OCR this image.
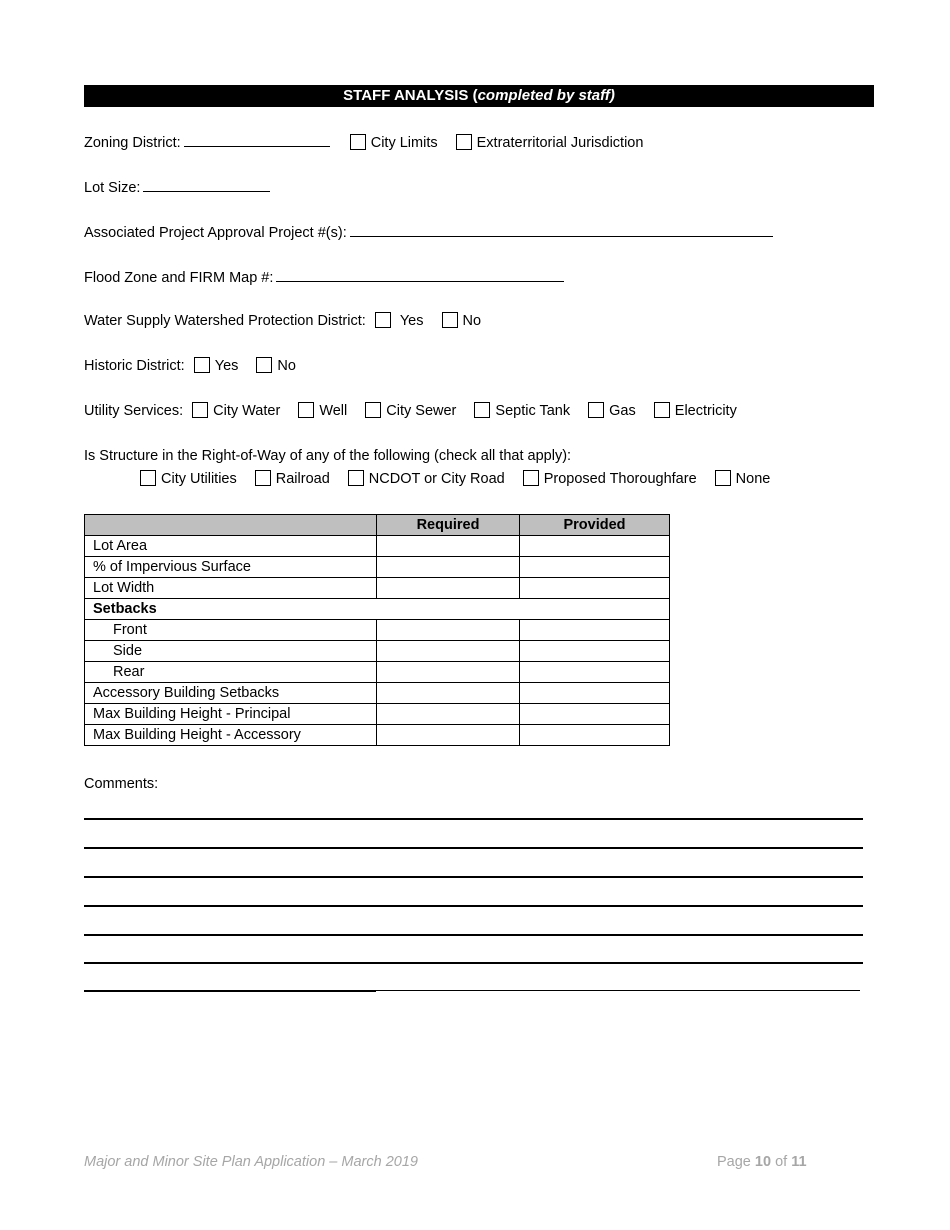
STAFF ANALYSIS (completed by staff)
Zoning District:	City Limits	Extraterritorial Jurisdiction
Lot Size:
Associated Project Approval Project #(s):
Flood Zone and FIRM Map #:
Water Supply Watershed Protection District: Yes	No
Historic District: Yes	No
Utility Services: City Water	Well	City Sewer	Septic Tank	Gas	Electricity
Is Structure in the Right-of-Way of any of the following (check all that apply):
City Utilities	Railroad	NCDOT or City Road	Proposed Thoroughfare	None
	Required	Provided
Lot Area		
% of Impervious Surface		
Lot Width		
Setbacks		
Front		
Side		
Rear		
Accessory Building Setbacks		
Max Building Height - Principal		
Max Building Height - Accessory		
Comments:
Major and Minor Site Plan Application – March 2019	Page 10 of 11
